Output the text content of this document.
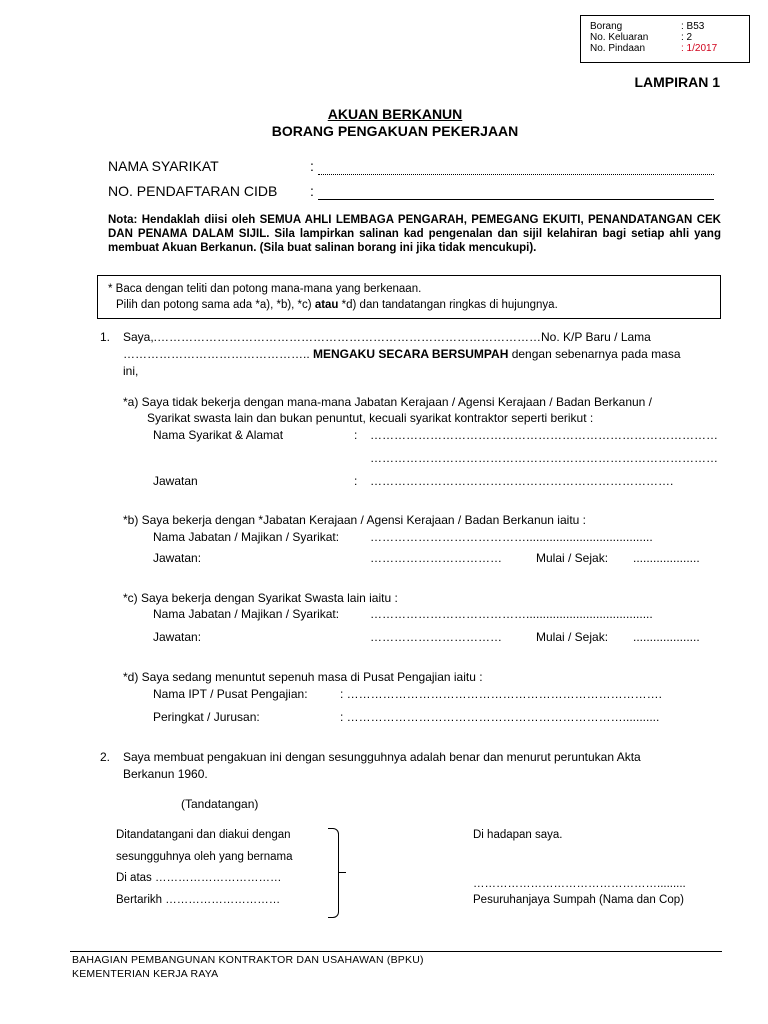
Borang	: B53
No. Keluaran	: 2
No. Pindaan	: 1/2017
LAMPIRAN 1
AKUAN BERKANUN
BORANG PENGAKUAN PEKERJAAN
NAMA SYARIKAT	:
NO. PENDAFTARAN CIDB :
Nota: Hendaklah diisi oleh SEMUA AHLI LEMBAGA PENGARAH, PEMEGANG EKUITI, PENANDATANGAN CEK DAN PENAMA DALAM SIJIL. Sila lampirkan salinan kad pengenalan dan sijil kelahiran bagi setiap ahli yang membuat Akuan Berkanun. (Sila buat salinan borang ini jika tidak mencukupi).
* Baca dengan teliti dan potong mana-mana yang berkenaan.
Pilih dan potong sama ada *a), *b), *c) atau *d) dan tandatangan ringkas di hujungnya.
1. Saya,.……………………………………………………………………………………No. K/P Baru / Lama
……………………………………….. MENGAKU SECARA BERSUMPAH dengan sebenarnya pada masa
ini,
*a) Saya tidak bekerja dengan mana-mana Jabatan Kerajaan / Agensi Kerajaan / Badan Berkanun /
Syarikat swasta lain dan bukan penuntut, kecuali syarikat kontraktor seperti berikut :
Nama Syarikat & Alamat	: ……………………………………………………………………………
……………………………………………………………………………
Jawatan	: ………………………………………………………………….
*b) Saya bekerja dengan *Jabatan Kerajaan / Agensi Kerajaan / Badan Berkanun iaitu :
Nama Jabatan / Majikan / Syarikat:	…………………………………......................................
Jawatan:	……………………………	Mulai / Sejak: ....................
*c) Saya bekerja dengan Syarikat Swasta lain iaitu :
Nama Jabatan / Majikan / Syarikat:	…………………………………......................................
Jawatan:	……………………………	Mulai / Sejak: ....................
*d) Saya sedang menuntut sepenuh masa di Pusat Pengajian iaitu :
Nama IPT / Pusat Pengajian:	: …………………………………………………………………….
Peringkat / Jurusan:	: ……………………………………………………………...........
2. Saya membuat pengakuan ini dengan sesungguhnya adalah benar dan menurut peruntukan Akta
Berkanun 1960.
(Tandatangan)
Ditandatangani dan diakui dengan
sesungguhnya oleh yang bernama
Di atas ……………………………
Bertarikh …………………………
Di hadapan saya.
………………………………………….........
Pesuruhanjaya Sumpah (Nama dan Cop)
BAHAGIAN PEMBANGUNAN KONTRAKTOR DAN USAHAWAN (BPKU)
KEMENTERIAN KERJA RAYA
